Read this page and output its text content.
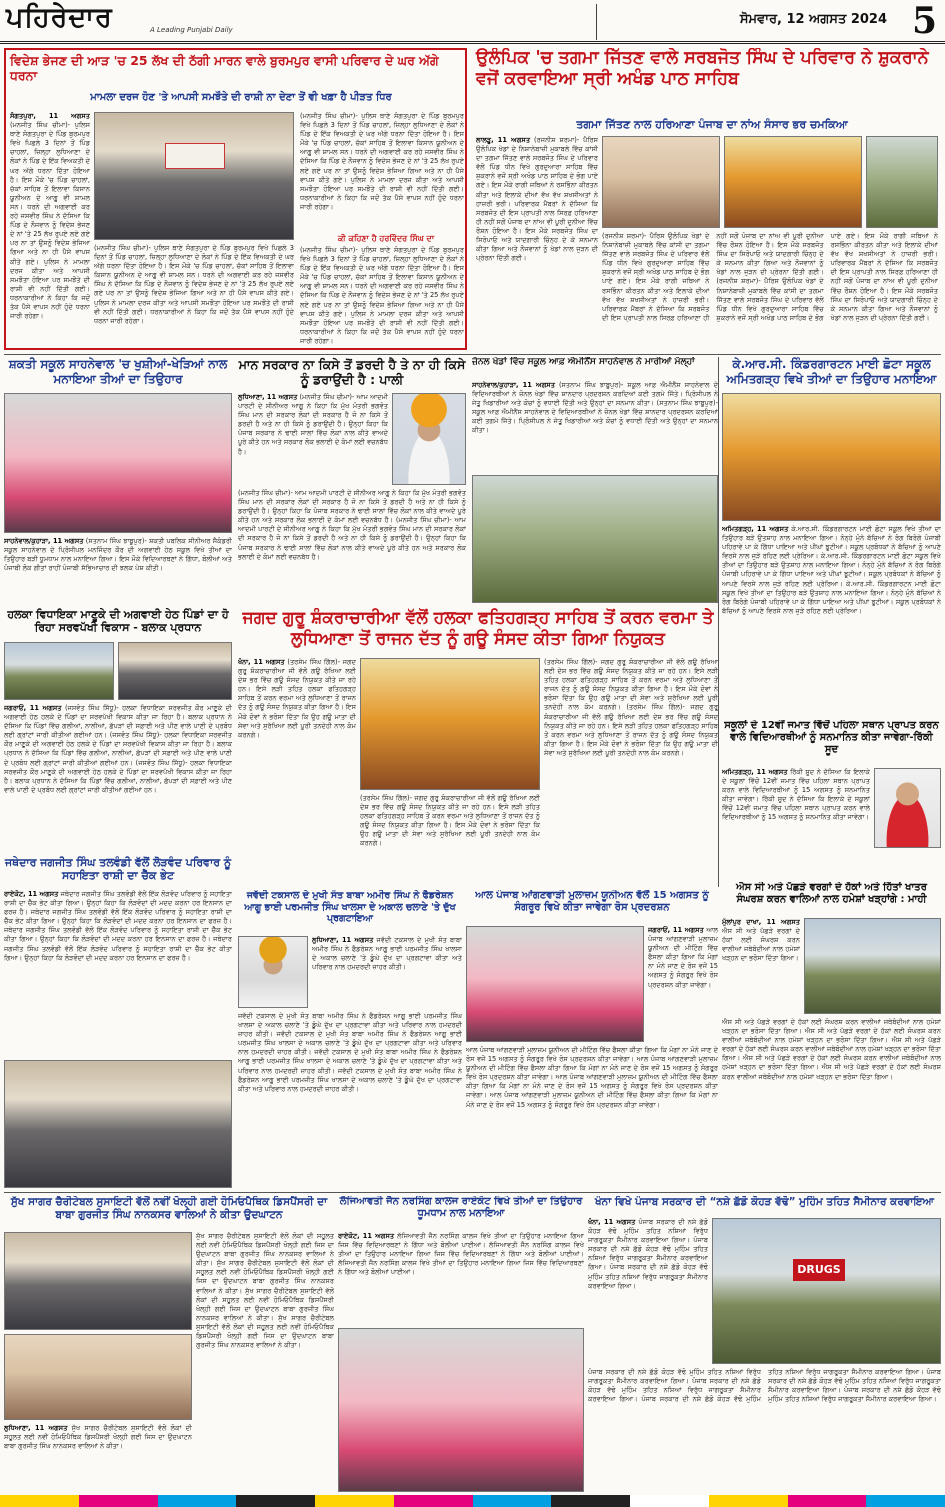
ਪਹਿਰੇਦਾਰ	A Leading Punjabi Daily
ਸੋਮਵਾਰ, 12 ਅਗਸਤ 2024 5
ਵਿਦੇਸ਼ ਭੇਜਣ ਦੀ ਆੜ 'ਚ 25 ਲੱਖ ਦੀ ਠੱਗੀ ਮਾਰਨ ਵਾਲੇ ਬੁਰਮਪੁਰ ਵਾਸੀ ਪਰਿਵਾਰ ਦੇ ਘਰ ਅੱਗੇ ਧਰਨਾ
ਮਾਮਲਾ ਦਰਜ ਹੋਣ 'ਤੇ ਆਪਸੀ ਸਮਝੌਤੇ ਦੀ ਰਾਸ਼ੀ ਨਾ ਦੇਣਾ ਤੋਂ ਵੀ ਖਫ਼ਾ ਹੈ ਪੀੜਤ ਧਿਰ
ਸੰਗਤਪੁਰਾ, 11 ਅਗਸਤ (ਮਨਜੀਤ ਸਿੰਘ ਚੀਮਾ)- ਪੁਲਿਸ ਥਾਣੇ ਸੰਗਤਪੁਰਾ ਦੇ ਪਿੰਡ ਬੁਰਮਪੁਰ ਵਿਖੇ ਪਿਛਲੇ 3 ਦਿਨਾਂ ਤੋਂ ਪਿੰਡ ਚਾਹਲਾਂ, ਜ਼ਿਲ੍ਹਾ ਲੁਧਿਆਣਾ ਦੇ ਲੋਕਾਂ ਨੇ ਪਿੰਡ ਦੇ ਇੱਕ ਵਿਅਕਤੀ ਦੇ ਘਰ ਅੱਗੇ ਧਰਨਾ ਦਿੱਤਾ ਹੋਇਆ ਹੈ। ਇਸ ਮੌਕੇ 'ਚ ਪਿੰਡ ਚਾਹਲਾਂ, ਚੱਕਾਂ ਸਾਹਿਬ ਤੋਂ ਇਲਾਵਾ ਕਿਸਾਨ ਯੂਨੀਅਨ ਦੇ ਆਗੂ ਵੀ ਸ਼ਾਮਲ ਸਨ। ਧਰਨੇ ਦੀ ਅਗਵਾਈ ਕਰ ਰਹੇ ਜਸਵੀਰ ਸਿੰਘ ਨੇ ਦੱਸਿਆ ਕਿ ਪਿੰਡ ਦੇ ਨੌਜਵਾਨ ਨੂੰ ਵਿਦੇਸ਼ ਭੇਜਣ ਦੇ ਨਾਂ 'ਤੇ 25 ਲੱਖ ਰੁਪਏ ਲਏ ਗਏ ਪਰ ਨਾ ਤਾਂ ਉਸਨੂੰ ਵਿਦੇਸ਼ ਭੇਜਿਆ ਗਿਆ ਅਤੇ ਨਾ ਹੀ ਪੈਸੇ ਵਾਪਸ ਕੀਤੇ ਗਏ। ਪੁਲਿਸ ਨੇ ਮਾਮਲਾ ਦਰਜ ਕੀਤਾ ਅਤੇ ਆਪਸੀ ਸਮਝੌਤਾ ਹੋਇਆ ਪਰ ਸਮਝੌਤੇ ਦੀ ਰਾਸ਼ੀ ਵੀ ਨਹੀਂ ਦਿੱਤੀ ਗਈ। ਧਰਨਾਕਾਰੀਆਂ ਨੇ ਕਿਹਾ ਕਿ ਜਦੋਂ ਤੱਕ ਪੈਸੇ ਵਾਪਸ ਨਹੀਂ ਹੁੰਦੇ ਧਰਨਾ ਜਾਰੀ ਰਹੇਗਾ।
(ਮਨਜੀਤ ਸਿੰਘ ਚੀਮਾ)- ਪੁਲਿਸ ਥਾਣੇ ਸੰਗਤਪੁਰਾ ਦੇ ਪਿੰਡ ਬੁਰਮਪੁਰ ਵਿਖੇ ਪਿਛਲੇ 3 ਦਿਨਾਂ ਤੋਂ ਪਿੰਡ ਚਾਹਲਾਂ, ਜ਼ਿਲ੍ਹਾ ਲੁਧਿਆਣਾ ਦੇ ਲੋਕਾਂ ਨੇ ਪਿੰਡ ਦੇ ਇੱਕ ਵਿਅਕਤੀ ਦੇ ਘਰ ਅੱਗੇ ਧਰਨਾ ਦਿੱਤਾ ਹੋਇਆ ਹੈ। ਇਸ ਮੌਕੇ 'ਚ ਪਿੰਡ ਚਾਹਲਾਂ, ਚੱਕਾਂ ਸਾਹਿਬ ਤੋਂ ਇਲਾਵਾ ਕਿਸਾਨ ਯੂਨੀਅਨ ਦੇ ਆਗੂ ਵੀ ਸ਼ਾਮਲ ਸਨ। ਧਰਨੇ ਦੀ ਅਗਵਾਈ ਕਰ ਰਹੇ ਜਸਵੀਰ ਸਿੰਘ ਨੇ ਦੱਸਿਆ ਕਿ ਪਿੰਡ ਦੇ ਨੌਜਵਾਨ ਨੂੰ ਵਿਦੇਸ਼ ਭੇਜਣ ਦੇ ਨਾਂ 'ਤੇ 25 ਲੱਖ ਰੁਪਏ ਲਏ ਗਏ ਪਰ ਨਾ ਤਾਂ ਉਸਨੂੰ ਵਿਦੇਸ਼ ਭੇਜਿਆ ਗਿਆ ਅਤੇ ਨਾ ਹੀ ਪੈਸੇ ਵਾਪਸ ਕੀਤੇ ਗਏ। ਪੁਲਿਸ ਨੇ ਮਾਮਲਾ ਦਰਜ ਕੀਤਾ ਅਤੇ ਆਪਸੀ ਸਮਝੌਤਾ ਹੋਇਆ ਪਰ ਸਮਝੌਤੇ ਦੀ ਰਾਸ਼ੀ ਵੀ ਨਹੀਂ ਦਿੱਤੀ ਗਈ। ਧਰਨਾਕਾਰੀਆਂ ਨੇ ਕਿਹਾ ਕਿ ਜਦੋਂ ਤੱਕ ਪੈਸੇ ਵਾਪਸ ਨਹੀਂ ਹੁੰਦੇ ਧਰਨਾ ਜਾਰੀ ਰਹੇਗਾ।
(ਮਨਜੀਤ ਸਿੰਘ ਚੀਮਾ)- ਪੁਲਿਸ ਥਾਣੇ ਸੰਗਤਪੁਰਾ ਦੇ ਪਿੰਡ ਬੁਰਮਪੁਰ ਵਿਖੇ ਪਿਛਲੇ 3 ਦਿਨਾਂ ਤੋਂ ਪਿੰਡ ਚਾਹਲਾਂ, ਜ਼ਿਲ੍ਹਾ ਲੁਧਿਆਣਾ ਦੇ ਲੋਕਾਂ ਨੇ ਪਿੰਡ ਦੇ ਇੱਕ ਵਿਅਕਤੀ ਦੇ ਘਰ ਅੱਗੇ ਧਰਨਾ ਦਿੱਤਾ ਹੋਇਆ ਹੈ। ਇਸ ਮੌਕੇ 'ਚ ਪਿੰਡ ਚਾਹਲਾਂ, ਚੱਕਾਂ ਸਾਹਿਬ ਤੋਂ ਇਲਾਵਾ ਕਿਸਾਨ ਯੂਨੀਅਨ ਦੇ ਆਗੂ ਵੀ ਸ਼ਾਮਲ ਸਨ। ਧਰਨੇ ਦੀ ਅਗਵਾਈ ਕਰ ਰਹੇ ਜਸਵੀਰ ਸਿੰਘ ਨੇ ਦੱਸਿਆ ਕਿ ਪਿੰਡ ਦੇ ਨੌਜਵਾਨ ਨੂੰ ਵਿਦੇਸ਼ ਭੇਜਣ ਦੇ ਨਾਂ 'ਤੇ 25 ਲੱਖ ਰੁਪਏ ਲਏ ਗਏ ਪਰ ਨਾ ਤਾਂ ਉਸਨੂੰ ਵਿਦੇਸ਼ ਭੇਜਿਆ ਗਿਆ ਅਤੇ ਨਾ ਹੀ ਪੈਸੇ ਵਾਪਸ ਕੀਤੇ ਗਏ। ਪੁਲਿਸ ਨੇ ਮਾਮਲਾ ਦਰਜ ਕੀਤਾ ਅਤੇ ਆਪਸੀ ਸਮਝੌਤਾ ਹੋਇਆ ਪਰ ਸਮਝੌਤੇ ਦੀ ਰਾਸ਼ੀ ਵੀ ਨਹੀਂ ਦਿੱਤੀ ਗਈ। ਧਰਨਾਕਾਰੀਆਂ ਨੇ ਕਿਹਾ ਕਿ ਜਦੋਂ ਤੱਕ ਪੈਸੇ ਵਾਪਸ ਨਹੀਂ ਹੁੰਦੇ ਧਰਨਾ ਜਾਰੀ ਰਹੇਗਾ।
ਕੀ ਕਹਿਣਾ ਹੈ ਹਰਵਿੰਦਰ ਸਿੰਘ ਦਾ
(ਮਨਜੀਤ ਸਿੰਘ ਚੀਮਾ)- ਪੁਲਿਸ ਥਾਣੇ ਸੰਗਤਪੁਰਾ ਦੇ ਪਿੰਡ ਬੁਰਮਪੁਰ ਵਿਖੇ ਪਿਛਲੇ 3 ਦਿਨਾਂ ਤੋਂ ਪਿੰਡ ਚਾਹਲਾਂ, ਜ਼ਿਲ੍ਹਾ ਲੁਧਿਆਣਾ ਦੇ ਲੋਕਾਂ ਨੇ ਪਿੰਡ ਦੇ ਇੱਕ ਵਿਅਕਤੀ ਦੇ ਘਰ ਅੱਗੇ ਧਰਨਾ ਦਿੱਤਾ ਹੋਇਆ ਹੈ। ਇਸ ਮੌਕੇ 'ਚ ਪਿੰਡ ਚਾਹਲਾਂ, ਚੱਕਾਂ ਸਾਹਿਬ ਤੋਂ ਇਲਾਵਾ ਕਿਸਾਨ ਯੂਨੀਅਨ ਦੇ ਆਗੂ ਵੀ ਸ਼ਾਮਲ ਸਨ। ਧਰਨੇ ਦੀ ਅਗਵਾਈ ਕਰ ਰਹੇ ਜਸਵੀਰ ਸਿੰਘ ਨੇ ਦੱਸਿਆ ਕਿ ਪਿੰਡ ਦੇ ਨੌਜਵਾਨ ਨੂੰ ਵਿਦੇਸ਼ ਭੇਜਣ ਦੇ ਨਾਂ 'ਤੇ 25 ਲੱਖ ਰੁਪਏ ਲਏ ਗਏ ਪਰ ਨਾ ਤਾਂ ਉਸਨੂੰ ਵਿਦੇਸ਼ ਭੇਜਿਆ ਗਿਆ ਅਤੇ ਨਾ ਹੀ ਪੈਸੇ ਵਾਪਸ ਕੀਤੇ ਗਏ। ਪੁਲਿਸ ਨੇ ਮਾਮਲਾ ਦਰਜ ਕੀਤਾ ਅਤੇ ਆਪਸੀ ਸਮਝੌਤਾ ਹੋਇਆ ਪਰ ਸਮਝੌਤੇ ਦੀ ਰਾਸ਼ੀ ਵੀ ਨਹੀਂ ਦਿੱਤੀ ਗਈ। ਧਰਨਾਕਾਰੀਆਂ ਨੇ ਕਿਹਾ ਕਿ ਜਦੋਂ ਤੱਕ ਪੈਸੇ ਵਾਪਸ ਨਹੀਂ ਹੁੰਦੇ ਧਰਨਾ ਜਾਰੀ ਰਹੇਗਾ।
ਉਲੰਪਿਕ 'ਚ ਤਗਮਾ ਜਿੱਤਣ ਵਾਲੇ ਸਰਬਜੋਤ ਸਿੰਘ ਦੇ ਪਰਿਵਾਰ ਨੇ ਸ਼ੁਕਰਾਨੇ ਵਜੋਂ ਕਰਵਾਇਆ ਸ੍ਰੀ ਅਖੰਡ ਪਾਠ ਸਾਹਿਬ
ਤਗਮਾ ਜਿੱਤਣ ਨਾਲ ਹਰਿਆਣਾ ਪੰਜਾਬ ਦਾ ਨਾਂਅ ਸੰਸਾਰ ਭਰ ਚਮਕਿਆ
ਲਾਲੜੂ, 11 ਅਗਸਤ (ਰਜਨੀਸ਼ ਸ਼ਰਮਾ)- ਪੈਰਿਸ ਉਲੰਪਿਕ ਖੇਡਾਂ ਦੇ ਨਿਸ਼ਾਨੇਬਾਜ਼ੀ ਮੁਕਾਬਲੇ ਵਿੱਚ ਕਾਂਸੀ ਦਾ ਤਗਮਾ ਜਿੱਤਣ ਵਾਲੇ ਸਰਬਜੋਤ ਸਿੰਘ ਦੇ ਪਰਿਵਾਰ ਵੱਲੋਂ ਪਿੰਡ ਧੀਨ ਵਿਖੇ ਗੁਰਦੁਆਰਾ ਸਾਹਿਬ ਵਿੱਚ ਸ਼ੁਕਰਾਨੇ ਵਜੋਂ ਸ੍ਰੀ ਅਖੰਡ ਪਾਠ ਸਾਹਿਬ ਦੇ ਭੋਗ ਪਾਏ ਗਏ। ਇਸ ਮੌਕੇ ਰਾਗੀ ਜਥਿਆਂ ਨੇ ਰਸਭਿੰਨਾ ਕੀਰਤਨ ਕੀਤਾ ਅਤੇ ਇਲਾਕੇ ਦੀਆਂ ਵੱਖ ਵੱਖ ਸ਼ਖਸੀਅਤਾਂ ਨੇ ਹਾਜ਼ਰੀ ਭਰੀ। ਪਰਿਵਾਰਕ ਮੈਂਬਰਾਂ ਨੇ ਦੱਸਿਆ ਕਿ ਸਰਬਜੋਤ ਦੀ ਇਸ ਪ੍ਰਾਪਤੀ ਨਾਲ ਸਿਰਫ਼ ਹਰਿਆਣਾ ਹੀ ਨਹੀਂ ਸਗੋਂ ਪੰਜਾਬ ਦਾ ਨਾਂਅ ਵੀ ਪੂਰੀ ਦੁਨੀਆ ਵਿੱਚ ਰੌਸ਼ਨ ਹੋਇਆ ਹੈ। ਇਸ ਮੌਕੇ ਸਰਬਜੋਤ ਸਿੰਘ ਦਾ ਸਿਰੋਪਾਓ ਅਤੇ ਯਾਦਗਾਰੀ ਚਿੰਨ੍ਹ ਦੇ ਕੇ ਸਨਮਾਨ ਕੀਤਾ ਗਿਆ ਅਤੇ ਨੌਜਵਾਨਾਂ ਨੂੰ ਖੇਡਾਂ ਨਾਲ ਜੁੜਨ ਦੀ ਪ੍ਰੇਰਨਾ ਦਿੱਤੀ ਗਈ।
(ਰਜਨੀਸ਼ ਸ਼ਰਮਾ)- ਪੈਰਿਸ ਉਲੰਪਿਕ ਖੇਡਾਂ ਦੇ ਨਿਸ਼ਾਨੇਬਾਜ਼ੀ ਮੁਕਾਬਲੇ ਵਿੱਚ ਕਾਂਸੀ ਦਾ ਤਗਮਾ ਜਿੱਤਣ ਵਾਲੇ ਸਰਬਜੋਤ ਸਿੰਘ ਦੇ ਪਰਿਵਾਰ ਵੱਲੋਂ ਪਿੰਡ ਧੀਨ ਵਿਖੇ ਗੁਰਦੁਆਰਾ ਸਾਹਿਬ ਵਿੱਚ ਸ਼ੁਕਰਾਨੇ ਵਜੋਂ ਸ੍ਰੀ ਅਖੰਡ ਪਾਠ ਸਾਹਿਬ ਦੇ ਭੋਗ ਪਾਏ ਗਏ। ਇਸ ਮੌਕੇ ਰਾਗੀ ਜਥਿਆਂ ਨੇ ਰਸਭਿੰਨਾ ਕੀਰਤਨ ਕੀਤਾ ਅਤੇ ਇਲਾਕੇ ਦੀਆਂ ਵੱਖ ਵੱਖ ਸ਼ਖਸੀਅਤਾਂ ਨੇ ਹਾਜ਼ਰੀ ਭਰੀ। ਪਰਿਵਾਰਕ ਮੈਂਬਰਾਂ ਨੇ ਦੱਸਿਆ ਕਿ ਸਰਬਜੋਤ ਦੀ ਇਸ ਪ੍ਰਾਪਤੀ ਨਾਲ ਸਿਰਫ਼ ਹਰਿਆਣਾ ਹੀ ਨਹੀਂ ਸਗੋਂ ਪੰਜਾਬ ਦਾ ਨਾਂਅ ਵੀ ਪੂਰੀ ਦੁਨੀਆ ਵਿੱਚ ਰੌਸ਼ਨ ਹੋਇਆ ਹੈ। ਇਸ ਮੌਕੇ ਸਰਬਜੋਤ ਸਿੰਘ ਦਾ ਸਿਰੋਪਾਓ ਅਤੇ ਯਾਦਗਾਰੀ ਚਿੰਨ੍ਹ ਦੇ ਕੇ ਸਨਮਾਨ ਕੀਤਾ ਗਿਆ ਅਤੇ ਨੌਜਵਾਨਾਂ ਨੂੰ ਖੇਡਾਂ ਨਾਲ ਜੁੜਨ ਦੀ ਪ੍ਰੇਰਨਾ ਦਿੱਤੀ ਗਈ। (ਰਜਨੀਸ਼ ਸ਼ਰਮਾ)- ਪੈਰਿਸ ਉਲੰਪਿਕ ਖੇਡਾਂ ਦੇ ਨਿਸ਼ਾਨੇਬਾਜ਼ੀ ਮੁਕਾਬਲੇ ਵਿੱਚ ਕਾਂਸੀ ਦਾ ਤਗਮਾ ਜਿੱਤਣ ਵਾਲੇ ਸਰਬਜੋਤ ਸਿੰਘ ਦੇ ਪਰਿਵਾਰ ਵੱਲੋਂ ਪਿੰਡ ਧੀਨ ਵਿਖੇ ਗੁਰਦੁਆਰਾ ਸਾਹਿਬ ਵਿੱਚ ਸ਼ੁਕਰਾਨੇ ਵਜੋਂ ਸ੍ਰੀ ਅਖੰਡ ਪਾਠ ਸਾਹਿਬ ਦੇ ਭੋਗ ਪਾਏ ਗਏ। ਇਸ ਮੌਕੇ ਰਾਗੀ ਜਥਿਆਂ ਨੇ ਰਸਭਿੰਨਾ ਕੀਰਤਨ ਕੀਤਾ ਅਤੇ ਇਲਾਕੇ ਦੀਆਂ ਵੱਖ ਵੱਖ ਸ਼ਖਸੀਅਤਾਂ ਨੇ ਹਾਜ਼ਰੀ ਭਰੀ। ਪਰਿਵਾਰਕ ਮੈਂਬਰਾਂ ਨੇ ਦੱਸਿਆ ਕਿ ਸਰਬਜੋਤ ਦੀ ਇਸ ਪ੍ਰਾਪਤੀ ਨਾਲ ਸਿਰਫ਼ ਹਰਿਆਣਾ ਹੀ ਨਹੀਂ ਸਗੋਂ ਪੰਜਾਬ ਦਾ ਨਾਂਅ ਵੀ ਪੂਰੀ ਦੁਨੀਆ ਵਿੱਚ ਰੌਸ਼ਨ ਹੋਇਆ ਹੈ। ਇਸ ਮੌਕੇ ਸਰਬਜੋਤ ਸਿੰਘ ਦਾ ਸਿਰੋਪਾਓ ਅਤੇ ਯਾਦਗਾਰੀ ਚਿੰਨ੍ਹ ਦੇ ਕੇ ਸਨਮਾਨ ਕੀਤਾ ਗਿਆ ਅਤੇ ਨੌਜਵਾਨਾਂ ਨੂੰ ਖੇਡਾਂ ਨਾਲ ਜੁੜਨ ਦੀ ਪ੍ਰੇਰਨਾ ਦਿੱਤੀ ਗਈ।
ਸ਼ਕਤੀ ਸਕੂਲ ਸਾਹਨੇਵਾਲ 'ਚ ਖੁਸ਼ੀਆਂ-ਖੇੜਿਆਂ ਨਾਲ ਮਨਾਇਆ ਤੀਆਂ ਦਾ ਤਿਉਹਾਰ
ਸਾਹਨੇਵਾਲ/ਕੁਹਾੜਾ, 11 ਅਗਸਤ (ਸਤਨਾਮ ਸਿੰਘ ਝਾਬੂਪੁਰ)- ਸ਼ਕਤੀ ਪਬਲਿਕ ਸੀਨੀਅਰ ਸੈਕੰਡਰੀ ਸਕੂਲ ਸਾਹਨੇਵਾਲ ਦੇ ਪ੍ਰਿੰਸੀਪਲ ਮਨਜਿੰਦਰ ਕੌਰ ਦੀ ਅਗਵਾਈ ਹੇਠ ਸਕੂਲ ਵਿਖੇ ਤੀਆਂ ਦਾ ਤਿਉਹਾਰ ਬੜੀ ਧੂਮਧਾਮ ਨਾਲ ਮਨਾਇਆ ਗਿਆ। ਇਸ ਮੌਕੇ ਵਿਦਿਆਰਥਣਾਂ ਨੇ ਗਿੱਧਾ, ਬੋਲੀਆਂ ਅਤੇ ਪੰਜਾਬੀ ਲੋਕ ਗੀਤਾਂ ਰਾਹੀਂ ਪੰਜਾਬੀ ਸੱਭਿਆਚਾਰ ਦੀ ਝਲਕ ਪੇਸ਼ ਕੀਤੀ।
ਮਾਨ ਸਰਕਾਰ ਨਾ ਕਿਸੇ ਤੋਂ ਡਰਦੀ ਹੈ ਤੇ ਨਾ ਹੀ ਕਿਸੇ ਨੂੰ ਡਰਾਉਂਦੀ ਹੈ : ਪਾਲੀ
ਲੁਧਿਆਣਾ, 11 ਅਗਸਤ (ਮਨਜੀਤ ਸਿੰਘ ਚੀਮਾ)- ਆਮ ਆਦਮੀ ਪਾਰਟੀ ਦੇ ਸੀਨੀਅਰ ਆਗੂ ਨੇ ਕਿਹਾ ਕਿ ਮੁੱਖ ਮੰਤਰੀ ਭਗਵੰਤ ਸਿੰਘ ਮਾਨ ਦੀ ਸਰਕਾਰ ਲੋਕਾਂ ਦੀ ਸਰਕਾਰ ਹੈ ਜੋ ਨਾ ਕਿਸੇ ਤੋਂ ਡਰਦੀ ਹੈ ਅਤੇ ਨਾ ਹੀ ਕਿਸੇ ਨੂੰ ਡਰਾਉਂਦੀ ਹੈ। ਉਨ੍ਹਾਂ ਕਿਹਾ ਕਿ ਪੰਜਾਬ ਸਰਕਾਰ ਨੇ ਢਾਈ ਸਾਲਾਂ ਵਿੱਚ ਲੋਕਾਂ ਨਾਲ ਕੀਤੇ ਵਾਅਦੇ ਪੂਰੇ ਕੀਤੇ ਹਨ ਅਤੇ ਸਰਕਾਰ ਲੋਕ ਭਲਾਈ ਦੇ ਕੰਮਾਂ ਲਈ ਵਚਨਬੱਧ ਹੈ।
(ਮਨਜੀਤ ਸਿੰਘ ਚੀਮਾ)- ਆਮ ਆਦਮੀ ਪਾਰਟੀ ਦੇ ਸੀਨੀਅਰ ਆਗੂ ਨੇ ਕਿਹਾ ਕਿ ਮੁੱਖ ਮੰਤਰੀ ਭਗਵੰਤ ਸਿੰਘ ਮਾਨ ਦੀ ਸਰਕਾਰ ਲੋਕਾਂ ਦੀ ਸਰਕਾਰ ਹੈ ਜੋ ਨਾ ਕਿਸੇ ਤੋਂ ਡਰਦੀ ਹੈ ਅਤੇ ਨਾ ਹੀ ਕਿਸੇ ਨੂੰ ਡਰਾਉਂਦੀ ਹੈ। ਉਨ੍ਹਾਂ ਕਿਹਾ ਕਿ ਪੰਜਾਬ ਸਰਕਾਰ ਨੇ ਢਾਈ ਸਾਲਾਂ ਵਿੱਚ ਲੋਕਾਂ ਨਾਲ ਕੀਤੇ ਵਾਅਦੇ ਪੂਰੇ ਕੀਤੇ ਹਨ ਅਤੇ ਸਰਕਾਰ ਲੋਕ ਭਲਾਈ ਦੇ ਕੰਮਾਂ ਲਈ ਵਚਨਬੱਧ ਹੈ। (ਮਨਜੀਤ ਸਿੰਘ ਚੀਮਾ)- ਆਮ ਆਦਮੀ ਪਾਰਟੀ ਦੇ ਸੀਨੀਅਰ ਆਗੂ ਨੇ ਕਿਹਾ ਕਿ ਮੁੱਖ ਮੰਤਰੀ ਭਗਵੰਤ ਸਿੰਘ ਮਾਨ ਦੀ ਸਰਕਾਰ ਲੋਕਾਂ ਦੀ ਸਰਕਾਰ ਹੈ ਜੋ ਨਾ ਕਿਸੇ ਤੋਂ ਡਰਦੀ ਹੈ ਅਤੇ ਨਾ ਹੀ ਕਿਸੇ ਨੂੰ ਡਰਾਉਂਦੀ ਹੈ। ਉਨ੍ਹਾਂ ਕਿਹਾ ਕਿ ਪੰਜਾਬ ਸਰਕਾਰ ਨੇ ਢਾਈ ਸਾਲਾਂ ਵਿੱਚ ਲੋਕਾਂ ਨਾਲ ਕੀਤੇ ਵਾਅਦੇ ਪੂਰੇ ਕੀਤੇ ਹਨ ਅਤੇ ਸਰਕਾਰ ਲੋਕ ਭਲਾਈ ਦੇ ਕੰਮਾਂ ਲਈ ਵਚਨਬੱਧ ਹੈ।
ਜ਼ੋਨਲ ਖੇਡਾਂ ਵਿੱਚ ਸਕੂਲ ਆਫ਼ ਐਮੀਨੈਂਸ ਸਾਹਨੇਵਾਲ ਨੇ ਮਾਰੀਆਂ ਮੱਲ੍ਹਾਂ
ਸਾਹਨੇਵਾਲ/ਕੁਹਾੜਾ, 11 ਅਗਸਤ (ਸਤਨਾਮ ਸਿੰਘ ਝਾਬੂਪੁਰ)- ਸਕੂਲ ਆਫ਼ ਐਮੀਨੈਂਸ ਸਾਹਨੇਵਾਲ ਦੇ ਵਿਦਿਆਰਥੀਆਂ ਨੇ ਜ਼ੋਨਲ ਖੇਡਾਂ ਵਿੱਚ ਸ਼ਾਨਦਾਰ ਪ੍ਰਦਰਸ਼ਨ ਕਰਦਿਆਂ ਕਈ ਤਗਮੇ ਜਿੱਤੇ। ਪ੍ਰਿੰਸੀਪਲ ਨੇ ਜੇਤੂ ਖਿਡਾਰੀਆਂ ਅਤੇ ਕੋਚਾਂ ਨੂੰ ਵਧਾਈ ਦਿੱਤੀ ਅਤੇ ਉਨ੍ਹਾਂ ਦਾ ਸਨਮਾਨ ਕੀਤਾ। (ਸਤਨਾਮ ਸਿੰਘ ਝਾਬੂਪੁਰ)- ਸਕੂਲ ਆਫ਼ ਐਮੀਨੈਂਸ ਸਾਹਨੇਵਾਲ ਦੇ ਵਿਦਿਆਰਥੀਆਂ ਨੇ ਜ਼ੋਨਲ ਖੇਡਾਂ ਵਿੱਚ ਸ਼ਾਨਦਾਰ ਪ੍ਰਦਰਸ਼ਨ ਕਰਦਿਆਂ ਕਈ ਤਗਮੇ ਜਿੱਤੇ। ਪ੍ਰਿੰਸੀਪਲ ਨੇ ਜੇਤੂ ਖਿਡਾਰੀਆਂ ਅਤੇ ਕੋਚਾਂ ਨੂੰ ਵਧਾਈ ਦਿੱਤੀ ਅਤੇ ਉਨ੍ਹਾਂ ਦਾ ਸਨਮਾਨ ਕੀਤਾ।
ਕੇ.ਆਰ.ਸੀ. ਕਿੰਡਰਗਾਰਟਨ ਮਾਈ ਛੋਟਾ ਸਕੂਲ ਅਮਿਤਗੜ੍ਹ ਵਿਖੇ ਤੀਆਂ ਦਾ ਤਿਉਹਾਰ ਮਨਾਇਆ
ਅਮਿਤਗੜ੍ਹ, 11 ਅਗਸਤ ਕੇ.ਆਰ.ਸੀ. ਕਿੰਡਰਗਾਰਟਨ ਮਾਈ ਛੋਟਾ ਸਕੂਲ ਵਿਖੇ ਤੀਆਂ ਦਾ ਤਿਉਹਾਰ ਬੜੇ ਉਤਸ਼ਾਹ ਨਾਲ ਮਨਾਇਆ ਗਿਆ। ਨੰਨ੍ਹੇ ਮੁੰਨੇ ਬੱਚਿਆਂ ਨੇ ਰੰਗ ਬਿਰੰਗੇ ਪੰਜਾਬੀ ਪਹਿਰਾਵੇ ਪਾ ਕੇ ਗਿੱਧਾ ਪਾਇਆ ਅਤੇ ਪੀਂਘਾਂ ਝੂਟੀਆਂ। ਸਕੂਲ ਪ੍ਰਬੰਧਕਾਂ ਨੇ ਬੱਚਿਆਂ ਨੂੰ ਆਪਣੇ ਵਿਰਸੇ ਨਾਲ ਜੁੜੇ ਰਹਿਣ ਲਈ ਪ੍ਰੇਰਿਆ। ਕੇ.ਆਰ.ਸੀ. ਕਿੰਡਰਗਾਰਟਨ ਮਾਈ ਛੋਟਾ ਸਕੂਲ ਵਿਖੇ ਤੀਆਂ ਦਾ ਤਿਉਹਾਰ ਬੜੇ ਉਤਸ਼ਾਹ ਨਾਲ ਮਨਾਇਆ ਗਿਆ। ਨੰਨ੍ਹੇ ਮੁੰਨੇ ਬੱਚਿਆਂ ਨੇ ਰੰਗ ਬਿਰੰਗੇ ਪੰਜਾਬੀ ਪਹਿਰਾਵੇ ਪਾ ਕੇ ਗਿੱਧਾ ਪਾਇਆ ਅਤੇ ਪੀਂਘਾਂ ਝੂਟੀਆਂ। ਸਕੂਲ ਪ੍ਰਬੰਧਕਾਂ ਨੇ ਬੱਚਿਆਂ ਨੂੰ ਆਪਣੇ ਵਿਰਸੇ ਨਾਲ ਜੁੜੇ ਰਹਿਣ ਲਈ ਪ੍ਰੇਰਿਆ। ਕੇ.ਆਰ.ਸੀ. ਕਿੰਡਰਗਾਰਟਨ ਮਾਈ ਛੋਟਾ ਸਕੂਲ ਵਿਖੇ ਤੀਆਂ ਦਾ ਤਿਉਹਾਰ ਬੜੇ ਉਤਸ਼ਾਹ ਨਾਲ ਮਨਾਇਆ ਗਿਆ। ਨੰਨ੍ਹੇ ਮੁੰਨੇ ਬੱਚਿਆਂ ਨੇ ਰੰਗ ਬਿਰੰਗੇ ਪੰਜਾਬੀ ਪਹਿਰਾਵੇ ਪਾ ਕੇ ਗਿੱਧਾ ਪਾਇਆ ਅਤੇ ਪੀਂਘਾਂ ਝੂਟੀਆਂ। ਸਕੂਲ ਪ੍ਰਬੰਧਕਾਂ ਨੇ ਬੱਚਿਆਂ ਨੂੰ ਆਪਣੇ ਵਿਰਸੇ ਨਾਲ ਜੁੜੇ ਰਹਿਣ ਲਈ ਪ੍ਰੇਰਿਆ।
ਹਲਕਾ ਵਿਧਾਇਕਾ ਮਾਣੂਕੇ ਦੀ ਅਗਵਾਈ ਹੇਠ ਪਿੰਡਾਂ ਦਾ ਹੋ ਰਿਹਾ ਸਰਵਪੱਖੀ ਵਿਕਾਸ - ਬਲਾਕ ਪ੍ਰਧਾਨ
ਜਗਰਾਓਂ, 11 ਅਗਸਤ (ਜਸਵੰਤ ਸਿੰਘ ਸਿੱਧੂ)- ਹਲਕਾ ਵਿਧਾਇਕਾ ਸਰਵਜੀਤ ਕੌਰ ਮਾਣੂਕੇ ਦੀ ਅਗਵਾਈ ਹੇਠ ਹਲਕੇ ਦੇ ਪਿੰਡਾਂ ਦਾ ਸਰਵਪੱਖੀ ਵਿਕਾਸ ਕੀਤਾ ਜਾ ਰਿਹਾ ਹੈ। ਬਲਾਕ ਪ੍ਰਧਾਨ ਨੇ ਦੱਸਿਆ ਕਿ ਪਿੰਡਾਂ ਵਿੱਚ ਗਲੀਆਂ, ਨਾਲੀਆਂ, ਛੱਪੜਾਂ ਦੀ ਸਫ਼ਾਈ ਅਤੇ ਪੀਣ ਵਾਲੇ ਪਾਣੀ ਦੇ ਪ੍ਰਬੰਧ ਲਈ ਗ੍ਰਾਂਟਾਂ ਜਾਰੀ ਕੀਤੀਆਂ ਗਈਆਂ ਹਨ। (ਜਸਵੰਤ ਸਿੰਘ ਸਿੱਧੂ)- ਹਲਕਾ ਵਿਧਾਇਕਾ ਸਰਵਜੀਤ ਕੌਰ ਮਾਣੂਕੇ ਦੀ ਅਗਵਾਈ ਹੇਠ ਹਲਕੇ ਦੇ ਪਿੰਡਾਂ ਦਾ ਸਰਵਪੱਖੀ ਵਿਕਾਸ ਕੀਤਾ ਜਾ ਰਿਹਾ ਹੈ। ਬਲਾਕ ਪ੍ਰਧਾਨ ਨੇ ਦੱਸਿਆ ਕਿ ਪਿੰਡਾਂ ਵਿੱਚ ਗਲੀਆਂ, ਨਾਲੀਆਂ, ਛੱਪੜਾਂ ਦੀ ਸਫ਼ਾਈ ਅਤੇ ਪੀਣ ਵਾਲੇ ਪਾਣੀ ਦੇ ਪ੍ਰਬੰਧ ਲਈ ਗ੍ਰਾਂਟਾਂ ਜਾਰੀ ਕੀਤੀਆਂ ਗਈਆਂ ਹਨ। (ਜਸਵੰਤ ਸਿੰਘ ਸਿੱਧੂ)- ਹਲਕਾ ਵਿਧਾਇਕਾ ਸਰਵਜੀਤ ਕੌਰ ਮਾਣੂਕੇ ਦੀ ਅਗਵਾਈ ਹੇਠ ਹਲਕੇ ਦੇ ਪਿੰਡਾਂ ਦਾ ਸਰਵਪੱਖੀ ਵਿਕਾਸ ਕੀਤਾ ਜਾ ਰਿਹਾ ਹੈ। ਬਲਾਕ ਪ੍ਰਧਾਨ ਨੇ ਦੱਸਿਆ ਕਿ ਪਿੰਡਾਂ ਵਿੱਚ ਗਲੀਆਂ, ਨਾਲੀਆਂ, ਛੱਪੜਾਂ ਦੀ ਸਫ਼ਾਈ ਅਤੇ ਪੀਣ ਵਾਲੇ ਪਾਣੀ ਦੇ ਪ੍ਰਬੰਧ ਲਈ ਗ੍ਰਾਂਟਾਂ ਜਾਰੀ ਕੀਤੀਆਂ ਗਈਆਂ ਹਨ।
ਜਗਦ ਗੁਰੂ ਸ਼ੰਕਰਾਚਾਰੀਆ ਵੱਲੋਂ ਹਲਕਾ ਫਤਿਹਗੜ੍ਹ ਸਾਹਿਬ ਤੋਂ ਕਰਨ ਵਰਮਾ ਤੇ ਲੁਧਿਆਣਾ ਤੋਂ ਰਾਜਨ ਦੱਤ ਨੂੰ ਗਊ ਸੰਸਦ ਕੀਤਾ ਗਿਆ ਨਿਯੁਕਤ
ਖੰਨਾ, 11 ਅਗਸਤ (ਤਰਸੇਮ ਸਿੰਘ ਗਿੱਲ)- ਜਗਦ ਗੁਰੂ ਸ਼ੰਕਰਾਚਾਰੀਆ ਜੀ ਵੱਲੋਂ ਗਊ ਰੱਖਿਆ ਲਈ ਦੇਸ਼ ਭਰ ਵਿੱਚ ਗਊ ਸੰਸਦ ਨਿਯੁਕਤ ਕੀਤੇ ਜਾ ਰਹੇ ਹਨ। ਇਸੇ ਲੜੀ ਤਹਿਤ ਹਲਕਾ ਫਤਿਹਗੜ੍ਹ ਸਾਹਿਬ ਤੋਂ ਕਰਨ ਵਰਮਾ ਅਤੇ ਲੁਧਿਆਣਾ ਤੋਂ ਰਾਜਨ ਦੱਤ ਨੂੰ ਗਊ ਸੰਸਦ ਨਿਯੁਕਤ ਕੀਤਾ ਗਿਆ ਹੈ। ਇਸ ਮੌਕੇ ਦੋਵਾਂ ਨੇ ਭਰੋਸਾ ਦਿੱਤਾ ਕਿ ਉਹ ਗਊ ਮਾਤਾ ਦੀ ਸੇਵਾ ਅਤੇ ਸੁਰੱਖਿਆ ਲਈ ਪੂਰੀ ਤਨਦੇਹੀ ਨਾਲ ਕੰਮ ਕਰਨਗੇ।
(ਤਰਸੇਮ ਸਿੰਘ ਗਿੱਲ)- ਜਗਦ ਗੁਰੂ ਸ਼ੰਕਰਾਚਾਰੀਆ ਜੀ ਵੱਲੋਂ ਗਊ ਰੱਖਿਆ ਲਈ ਦੇਸ਼ ਭਰ ਵਿੱਚ ਗਊ ਸੰਸਦ ਨਿਯੁਕਤ ਕੀਤੇ ਜਾ ਰਹੇ ਹਨ। ਇਸੇ ਲੜੀ ਤਹਿਤ ਹਲਕਾ ਫਤਿਹਗੜ੍ਹ ਸਾਹਿਬ ਤੋਂ ਕਰਨ ਵਰਮਾ ਅਤੇ ਲੁਧਿਆਣਾ ਤੋਂ ਰਾਜਨ ਦੱਤ ਨੂੰ ਗਊ ਸੰਸਦ ਨਿਯੁਕਤ ਕੀਤਾ ਗਿਆ ਹੈ। ਇਸ ਮੌਕੇ ਦੋਵਾਂ ਨੇ ਭਰੋਸਾ ਦਿੱਤਾ ਕਿ ਉਹ ਗਊ ਮਾਤਾ ਦੀ ਸੇਵਾ ਅਤੇ ਸੁਰੱਖਿਆ ਲਈ ਪੂਰੀ ਤਨਦੇਹੀ ਨਾਲ ਕੰਮ ਕਰਨਗੇ।
(ਤਰਸੇਮ ਸਿੰਘ ਗਿੱਲ)- ਜਗਦ ਗੁਰੂ ਸ਼ੰਕਰਾਚਾਰੀਆ ਜੀ ਵੱਲੋਂ ਗਊ ਰੱਖਿਆ ਲਈ ਦੇਸ਼ ਭਰ ਵਿੱਚ ਗਊ ਸੰਸਦ ਨਿਯੁਕਤ ਕੀਤੇ ਜਾ ਰਹੇ ਹਨ। ਇਸੇ ਲੜੀ ਤਹਿਤ ਹਲਕਾ ਫਤਿਹਗੜ੍ਹ ਸਾਹਿਬ ਤੋਂ ਕਰਨ ਵਰਮਾ ਅਤੇ ਲੁਧਿਆਣਾ ਤੋਂ ਰਾਜਨ ਦੱਤ ਨੂੰ ਗਊ ਸੰਸਦ ਨਿਯੁਕਤ ਕੀਤਾ ਗਿਆ ਹੈ। ਇਸ ਮੌਕੇ ਦੋਵਾਂ ਨੇ ਭਰੋਸਾ ਦਿੱਤਾ ਕਿ ਉਹ ਗਊ ਮਾਤਾ ਦੀ ਸੇਵਾ ਅਤੇ ਸੁਰੱਖਿਆ ਲਈ ਪੂਰੀ ਤਨਦੇਹੀ ਨਾਲ ਕੰਮ ਕਰਨਗੇ। (ਤਰਸੇਮ ਸਿੰਘ ਗਿੱਲ)- ਜਗਦ ਗੁਰੂ ਸ਼ੰਕਰਾਚਾਰੀਆ ਜੀ ਵੱਲੋਂ ਗਊ ਰੱਖਿਆ ਲਈ ਦੇਸ਼ ਭਰ ਵਿੱਚ ਗਊ ਸੰਸਦ ਨਿਯੁਕਤ ਕੀਤੇ ਜਾ ਰਹੇ ਹਨ। ਇਸੇ ਲੜੀ ਤਹਿਤ ਹਲਕਾ ਫਤਿਹਗੜ੍ਹ ਸਾਹਿਬ ਤੋਂ ਕਰਨ ਵਰਮਾ ਅਤੇ ਲੁਧਿਆਣਾ ਤੋਂ ਰਾਜਨ ਦੱਤ ਨੂੰ ਗਊ ਸੰਸਦ ਨਿਯੁਕਤ ਕੀਤਾ ਗਿਆ ਹੈ। ਇਸ ਮੌਕੇ ਦੋਵਾਂ ਨੇ ਭਰੋਸਾ ਦਿੱਤਾ ਕਿ ਉਹ ਗਊ ਮਾਤਾ ਦੀ ਸੇਵਾ ਅਤੇ ਸੁਰੱਖਿਆ ਲਈ ਪੂਰੀ ਤਨਦੇਹੀ ਨਾਲ ਕੰਮ ਕਰਨਗੇ।
ਸਕੂਲਾਂ ਦੇ 12ਵੀਂ ਜਮਾਤ ਵਿੱਚੋਂ ਪਹਿਲਾ ਸਥਾਨ ਪ੍ਰਾਪਤ ਕਰਨ ਵਾਲੇ ਵਿਦਿਆਰਥੀਆਂ ਨੂੰ ਸਨਮਾਨਿਤ ਕੀਤਾ ਜਾਵੇਗਾ-ਰਿੱਕੀ ਸੂਦ
ਅਮਿਤਗੜ੍ਹ, 11 ਅਗਸਤ ਰਿੱਕੀ ਸੂਦ ਨੇ ਦੱਸਿਆ ਕਿ ਇਲਾਕੇ ਦੇ ਸਕੂਲਾਂ ਵਿੱਚੋਂ 12ਵੀਂ ਜਮਾਤ ਵਿੱਚ ਪਹਿਲਾ ਸਥਾਨ ਪ੍ਰਾਪਤ ਕਰਨ ਵਾਲੇ ਵਿਦਿਆਰਥੀਆਂ ਨੂੰ 15 ਅਗਸਤ ਨੂੰ ਸਨਮਾਨਿਤ ਕੀਤਾ ਜਾਵੇਗਾ। ਰਿੱਕੀ ਸੂਦ ਨੇ ਦੱਸਿਆ ਕਿ ਇਲਾਕੇ ਦੇ ਸਕੂਲਾਂ ਵਿੱਚੋਂ 12ਵੀਂ ਜਮਾਤ ਵਿੱਚ ਪਹਿਲਾ ਸਥਾਨ ਪ੍ਰਾਪਤ ਕਰਨ ਵਾਲੇ ਵਿਦਿਆਰਥੀਆਂ ਨੂੰ 15 ਅਗਸਤ ਨੂੰ ਸਨਮਾਨਿਤ ਕੀਤਾ ਜਾਵੇਗਾ।
ਜਥੇਦਾਰ ਜਗਜੀਤ ਸਿੰਘ ਤਲਵੰਡੀ ਵੱਲੋਂ ਲੋੜਵੰਦ ਪਰਿਵਾਰ ਨੂੰ ਸਹਾਇਤਾ ਰਾਸ਼ੀ ਦਾ ਚੈੱਕ ਭੇਟ
ਰਾਏਕੋਟ, 11 ਅਗਸਤ ਜਥੇਦਾਰ ਜਗਜੀਤ ਸਿੰਘ ਤਲਵੰਡੀ ਵੱਲੋਂ ਇੱਕ ਲੋੜਵੰਦ ਪਰਿਵਾਰ ਨੂੰ ਸਹਾਇਤਾ ਰਾਸ਼ੀ ਦਾ ਚੈੱਕ ਭੇਟ ਕੀਤਾ ਗਿਆ। ਉਨ੍ਹਾਂ ਕਿਹਾ ਕਿ ਲੋੜਵੰਦਾਂ ਦੀ ਮਦਦ ਕਰਨਾ ਹਰ ਇਨਸਾਨ ਦਾ ਫਰਜ਼ ਹੈ। ਜਥੇਦਾਰ ਜਗਜੀਤ ਸਿੰਘ ਤਲਵੰਡੀ ਵੱਲੋਂ ਇੱਕ ਲੋੜਵੰਦ ਪਰਿਵਾਰ ਨੂੰ ਸਹਾਇਤਾ ਰਾਸ਼ੀ ਦਾ ਚੈੱਕ ਭੇਟ ਕੀਤਾ ਗਿਆ। ਉਨ੍ਹਾਂ ਕਿਹਾ ਕਿ ਲੋੜਵੰਦਾਂ ਦੀ ਮਦਦ ਕਰਨਾ ਹਰ ਇਨਸਾਨ ਦਾ ਫਰਜ਼ ਹੈ। ਜਥੇਦਾਰ ਜਗਜੀਤ ਸਿੰਘ ਤਲਵੰਡੀ ਵੱਲੋਂ ਇੱਕ ਲੋੜਵੰਦ ਪਰਿਵਾਰ ਨੂੰ ਸਹਾਇਤਾ ਰਾਸ਼ੀ ਦਾ ਚੈੱਕ ਭੇਟ ਕੀਤਾ ਗਿਆ। ਉਨ੍ਹਾਂ ਕਿਹਾ ਕਿ ਲੋੜਵੰਦਾਂ ਦੀ ਮਦਦ ਕਰਨਾ ਹਰ ਇਨਸਾਨ ਦਾ ਫਰਜ਼ ਹੈ। ਜਥੇਦਾਰ ਜਗਜੀਤ ਸਿੰਘ ਤਲਵੰਡੀ ਵੱਲੋਂ ਇੱਕ ਲੋੜਵੰਦ ਪਰਿਵਾਰ ਨੂੰ ਸਹਾਇਤਾ ਰਾਸ਼ੀ ਦਾ ਚੈੱਕ ਭੇਟ ਕੀਤਾ ਗਿਆ। ਉਨ੍ਹਾਂ ਕਿਹਾ ਕਿ ਲੋੜਵੰਦਾਂ ਦੀ ਮਦਦ ਕਰਨਾ ਹਰ ਇਨਸਾਨ ਦਾ ਫਰਜ਼ ਹੈ।
ਜਵੱਦੀ ਟਕਸਾਲ ਦੇ ਮੁਖੀ ਸੰਤ ਬਾਬਾ ਅਮੀਰ ਸਿੰਘ ਨੇ ਫੈਡਰੇਸ਼ਨ ਆਗੂ ਭਾਈ ਪਰਮਜੀਤ ਸਿੰਘ ਖਾਲਸਾ ਦੇ ਅਕਾਲ ਚਲਾਣੇ 'ਤੇ ਦੁੱਖ ਪ੍ਰਗਟਾਇਆ
ਲੁਧਿਆਣਾ, 11 ਅਗਸਤ ਜਵੱਦੀ ਟਕਸਾਲ ਦੇ ਮੁਖੀ ਸੰਤ ਬਾਬਾ ਅਮੀਰ ਸਿੰਘ ਨੇ ਫੈਡਰੇਸ਼ਨ ਆਗੂ ਭਾਈ ਪਰਮਜੀਤ ਸਿੰਘ ਖਾਲਸਾ ਦੇ ਅਕਾਲ ਚਲਾਣੇ 'ਤੇ ਡੂੰਘੇ ਦੁੱਖ ਦਾ ਪ੍ਰਗਟਾਵਾ ਕੀਤਾ ਅਤੇ ਪਰਿਵਾਰ ਨਾਲ ਹਮਦਰਦੀ ਜ਼ਾਹਰ ਕੀਤੀ।
ਜਵੱਦੀ ਟਕਸਾਲ ਦੇ ਮੁਖੀ ਸੰਤ ਬਾਬਾ ਅਮੀਰ ਸਿੰਘ ਨੇ ਫੈਡਰੇਸ਼ਨ ਆਗੂ ਭਾਈ ਪਰਮਜੀਤ ਸਿੰਘ ਖਾਲਸਾ ਦੇ ਅਕਾਲ ਚਲਾਣੇ 'ਤੇ ਡੂੰਘੇ ਦੁੱਖ ਦਾ ਪ੍ਰਗਟਾਵਾ ਕੀਤਾ ਅਤੇ ਪਰਿਵਾਰ ਨਾਲ ਹਮਦਰਦੀ ਜ਼ਾਹਰ ਕੀਤੀ। ਜਵੱਦੀ ਟਕਸਾਲ ਦੇ ਮੁਖੀ ਸੰਤ ਬਾਬਾ ਅਮੀਰ ਸਿੰਘ ਨੇ ਫੈਡਰੇਸ਼ਨ ਆਗੂ ਭਾਈ ਪਰਮਜੀਤ ਸਿੰਘ ਖਾਲਸਾ ਦੇ ਅਕਾਲ ਚਲਾਣੇ 'ਤੇ ਡੂੰਘੇ ਦੁੱਖ ਦਾ ਪ੍ਰਗਟਾਵਾ ਕੀਤਾ ਅਤੇ ਪਰਿਵਾਰ ਨਾਲ ਹਮਦਰਦੀ ਜ਼ਾਹਰ ਕੀਤੀ। ਜਵੱਦੀ ਟਕਸਾਲ ਦੇ ਮੁਖੀ ਸੰਤ ਬਾਬਾ ਅਮੀਰ ਸਿੰਘ ਨੇ ਫੈਡਰੇਸ਼ਨ ਆਗੂ ਭਾਈ ਪਰਮਜੀਤ ਸਿੰਘ ਖਾਲਸਾ ਦੇ ਅਕਾਲ ਚਲਾਣੇ 'ਤੇ ਡੂੰਘੇ ਦੁੱਖ ਦਾ ਪ੍ਰਗਟਾਵਾ ਕੀਤਾ ਅਤੇ ਪਰਿਵਾਰ ਨਾਲ ਹਮਦਰਦੀ ਜ਼ਾਹਰ ਕੀਤੀ। ਜਵੱਦੀ ਟਕਸਾਲ ਦੇ ਮੁਖੀ ਸੰਤ ਬਾਬਾ ਅਮੀਰ ਸਿੰਘ ਨੇ ਫੈਡਰੇਸ਼ਨ ਆਗੂ ਭਾਈ ਪਰਮਜੀਤ ਸਿੰਘ ਖਾਲਸਾ ਦੇ ਅਕਾਲ ਚਲਾਣੇ 'ਤੇ ਡੂੰਘੇ ਦੁੱਖ ਦਾ ਪ੍ਰਗਟਾਵਾ ਕੀਤਾ ਅਤੇ ਪਰਿਵਾਰ ਨਾਲ ਹਮਦਰਦੀ ਜ਼ਾਹਰ ਕੀਤੀ।
ਆਲ ਪੰਜਾਬ ਆਂਗਣਵਾੜੀ ਮੁਲਾਜ਼ਮ ਯੂਨੀਅਨ ਵੱਲੋਂ 15 ਅਗਸਤ ਨੂੰ ਸੰਗਰੂਰ ਵਿਖੇ ਕੀਤਾ ਜਾਵੇਗਾ ਰੋਸ ਪ੍ਰਦਰਸ਼ਨ
ਜਗਰਾਓਂ, 11 ਅਗਸਤ ਆਲ ਪੰਜਾਬ ਆਂਗਣਵਾੜੀ ਮੁਲਾਜ਼ਮ ਯੂਨੀਅਨ ਦੀ ਮੀਟਿੰਗ ਵਿੱਚ ਫੈਸਲਾ ਕੀਤਾ ਗਿਆ ਕਿ ਮੰਗਾਂ ਨਾ ਮੰਨੇ ਜਾਣ ਦੇ ਰੋਸ ਵਜੋਂ 15 ਅਗਸਤ ਨੂੰ ਸੰਗਰੂਰ ਵਿਖੇ ਰੋਸ ਪ੍ਰਦਰਸ਼ਨ ਕੀਤਾ ਜਾਵੇਗਾ।
ਆਲ ਪੰਜਾਬ ਆਂਗਣਵਾੜੀ ਮੁਲਾਜ਼ਮ ਯੂਨੀਅਨ ਦੀ ਮੀਟਿੰਗ ਵਿੱਚ ਫੈਸਲਾ ਕੀਤਾ ਗਿਆ ਕਿ ਮੰਗਾਂ ਨਾ ਮੰਨੇ ਜਾਣ ਦੇ ਰੋਸ ਵਜੋਂ 15 ਅਗਸਤ ਨੂੰ ਸੰਗਰੂਰ ਵਿਖੇ ਰੋਸ ਪ੍ਰਦਰਸ਼ਨ ਕੀਤਾ ਜਾਵੇਗਾ। ਆਲ ਪੰਜਾਬ ਆਂਗਣਵਾੜੀ ਮੁਲਾਜ਼ਮ ਯੂਨੀਅਨ ਦੀ ਮੀਟਿੰਗ ਵਿੱਚ ਫੈਸਲਾ ਕੀਤਾ ਗਿਆ ਕਿ ਮੰਗਾਂ ਨਾ ਮੰਨੇ ਜਾਣ ਦੇ ਰੋਸ ਵਜੋਂ 15 ਅਗਸਤ ਨੂੰ ਸੰਗਰੂਰ ਵਿਖੇ ਰੋਸ ਪ੍ਰਦਰਸ਼ਨ ਕੀਤਾ ਜਾਵੇਗਾ। ਆਲ ਪੰਜਾਬ ਆਂਗਣਵਾੜੀ ਮੁਲਾਜ਼ਮ ਯੂਨੀਅਨ ਦੀ ਮੀਟਿੰਗ ਵਿੱਚ ਫੈਸਲਾ ਕੀਤਾ ਗਿਆ ਕਿ ਮੰਗਾਂ ਨਾ ਮੰਨੇ ਜਾਣ ਦੇ ਰੋਸ ਵਜੋਂ 15 ਅਗਸਤ ਨੂੰ ਸੰਗਰੂਰ ਵਿਖੇ ਰੋਸ ਪ੍ਰਦਰਸ਼ਨ ਕੀਤਾ ਜਾਵੇਗਾ। ਆਲ ਪੰਜਾਬ ਆਂਗਣਵਾੜੀ ਮੁਲਾਜ਼ਮ ਯੂਨੀਅਨ ਦੀ ਮੀਟਿੰਗ ਵਿੱਚ ਫੈਸਲਾ ਕੀਤਾ ਗਿਆ ਕਿ ਮੰਗਾਂ ਨਾ ਮੰਨੇ ਜਾਣ ਦੇ ਰੋਸ ਵਜੋਂ 15 ਅਗਸਤ ਨੂੰ ਸੰਗਰੂਰ ਵਿਖੇ ਰੋਸ ਪ੍ਰਦਰਸ਼ਨ ਕੀਤਾ ਜਾਵੇਗਾ।
ਐਸ ਸੀ ਅਤੇ ਪੱਛੜੇ ਵਰਗਾਂ ਦੇ ਹੱਕਾਂ ਅਤੇ ਹਿੱਤਾਂ ਖਾਤਰ ਸੰਘਰਸ਼ ਕਰਨ ਵਾਲਿਆਂ ਨਾਲ ਹਮੇਸ਼ਾਂ ਖੜ੍ਹਾਂਗੇ : ਮਾਹੀ
ਮੁੱਲਾਂਪੁਰ ਦਾਖਾ, 11 ਅਗਸਤ ਐਸ ਸੀ ਅਤੇ ਪੱਛੜੇ ਵਰਗਾਂ ਦੇ ਹੱਕਾਂ ਲਈ ਸੰਘਰਸ਼ ਕਰਨ ਵਾਲੀਆਂ ਜਥੇਬੰਦੀਆਂ ਨਾਲ ਹਮੇਸ਼ਾਂ ਖੜ੍ਹਨ ਦਾ ਭਰੋਸਾ ਦਿੱਤਾ ਗਿਆ।
ਐਸ ਸੀ ਅਤੇ ਪੱਛੜੇ ਵਰਗਾਂ ਦੇ ਹੱਕਾਂ ਲਈ ਸੰਘਰਸ਼ ਕਰਨ ਵਾਲੀਆਂ ਜਥੇਬੰਦੀਆਂ ਨਾਲ ਹਮੇਸ਼ਾਂ ਖੜ੍ਹਨ ਦਾ ਭਰੋਸਾ ਦਿੱਤਾ ਗਿਆ। ਐਸ ਸੀ ਅਤੇ ਪੱਛੜੇ ਵਰਗਾਂ ਦੇ ਹੱਕਾਂ ਲਈ ਸੰਘਰਸ਼ ਕਰਨ ਵਾਲੀਆਂ ਜਥੇਬੰਦੀਆਂ ਨਾਲ ਹਮੇਸ਼ਾਂ ਖੜ੍ਹਨ ਦਾ ਭਰੋਸਾ ਦਿੱਤਾ ਗਿਆ। ਐਸ ਸੀ ਅਤੇ ਪੱਛੜੇ ਵਰਗਾਂ ਦੇ ਹੱਕਾਂ ਲਈ ਸੰਘਰਸ਼ ਕਰਨ ਵਾਲੀਆਂ ਜਥੇਬੰਦੀਆਂ ਨਾਲ ਹਮੇਸ਼ਾਂ ਖੜ੍ਹਨ ਦਾ ਭਰੋਸਾ ਦਿੱਤਾ ਗਿਆ। ਐਸ ਸੀ ਅਤੇ ਪੱਛੜੇ ਵਰਗਾਂ ਦੇ ਹੱਕਾਂ ਲਈ ਸੰਘਰਸ਼ ਕਰਨ ਵਾਲੀਆਂ ਜਥੇਬੰਦੀਆਂ ਨਾਲ ਹਮੇਸ਼ਾਂ ਖੜ੍ਹਨ ਦਾ ਭਰੋਸਾ ਦਿੱਤਾ ਗਿਆ। ਐਸ ਸੀ ਅਤੇ ਪੱਛੜੇ ਵਰਗਾਂ ਦੇ ਹੱਕਾਂ ਲਈ ਸੰਘਰਸ਼ ਕਰਨ ਵਾਲੀਆਂ ਜਥੇਬੰਦੀਆਂ ਨਾਲ ਹਮੇਸ਼ਾਂ ਖੜ੍ਹਨ ਦਾ ਭਰੋਸਾ ਦਿੱਤਾ ਗਿਆ।
ਸੁੱਖ ਸਾਗਰ ਚੈਰੀਟੇਬਲ ਸੁਸਾਇਟੀ ਵੱਲੋਂ ਨਵੀਂ ਖੋਲ੍ਹੀ ਗਈ ਹੋਮਿਓਪੈਥਿਕ ਡਿਸਪੈਂਸਰੀ ਦਾ ਬਾਬਾ ਗੁਰਜੀਤ ਸਿੰਘ ਨਾਨਕਸਰ ਵਾਲਿਆਂ ਨੇ ਕੀਤਾ ਉਦਘਾਟਨ
ਸੁੱਖ ਸਾਗਰ ਚੈਰੀਟੇਬਲ ਸੁਸਾਇਟੀ ਵੱਲੋਂ ਲੋਕਾਂ ਦੀ ਸਹੂਲਤ ਲਈ ਨਵੀਂ ਹੋਮਿਓਪੈਥਿਕ ਡਿਸਪੈਂਸਰੀ ਖੋਲ੍ਹੀ ਗਈ ਜਿਸ ਦਾ ਉਦਘਾਟਨ ਬਾਬਾ ਗੁਰਜੀਤ ਸਿੰਘ ਨਾਨਕਸਰ ਵਾਲਿਆਂ ਨੇ ਕੀਤਾ। ਸੁੱਖ ਸਾਗਰ ਚੈਰੀਟੇਬਲ ਸੁਸਾਇਟੀ ਵੱਲੋਂ ਲੋਕਾਂ ਦੀ ਸਹੂਲਤ ਲਈ ਨਵੀਂ ਹੋਮਿਓਪੈਥਿਕ ਡਿਸਪੈਂਸਰੀ ਖੋਲ੍ਹੀ ਗਈ ਜਿਸ ਦਾ ਉਦਘਾਟਨ ਬਾਬਾ ਗੁਰਜੀਤ ਸਿੰਘ ਨਾਨਕਸਰ ਵਾਲਿਆਂ ਨੇ ਕੀਤਾ। ਸੁੱਖ ਸਾਗਰ ਚੈਰੀਟੇਬਲ ਸੁਸਾਇਟੀ ਵੱਲੋਂ ਲੋਕਾਂ ਦੀ ਸਹੂਲਤ ਲਈ ਨਵੀਂ ਹੋਮਿਓਪੈਥਿਕ ਡਿਸਪੈਂਸਰੀ ਖੋਲ੍ਹੀ ਗਈ ਜਿਸ ਦਾ ਉਦਘਾਟਨ ਬਾਬਾ ਗੁਰਜੀਤ ਸਿੰਘ ਨਾਨਕਸਰ ਵਾਲਿਆਂ ਨੇ ਕੀਤਾ। ਸੁੱਖ ਸਾਗਰ ਚੈਰੀਟੇਬਲ ਸੁਸਾਇਟੀ ਵੱਲੋਂ ਲੋਕਾਂ ਦੀ ਸਹੂਲਤ ਲਈ ਨਵੀਂ ਹੋਮਿਓਪੈਥਿਕ ਡਿਸਪੈਂਸਰੀ ਖੋਲ੍ਹੀ ਗਈ ਜਿਸ ਦਾ ਉਦਘਾਟਨ ਬਾਬਾ ਗੁਰਜੀਤ ਸਿੰਘ ਨਾਨਕਸਰ ਵਾਲਿਆਂ ਨੇ ਕੀਤਾ।
ਲੁਧਿਆਣਾ, 11 ਅਗਸਤ ਸੁੱਖ ਸਾਗਰ ਚੈਰੀਟੇਬਲ ਸੁਸਾਇਟੀ ਵੱਲੋਂ ਲੋਕਾਂ ਦੀ ਸਹੂਲਤ ਲਈ ਨਵੀਂ ਹੋਮਿਓਪੈਥਿਕ ਡਿਸਪੈਂਸਰੀ ਖੋਲ੍ਹੀ ਗਈ ਜਿਸ ਦਾ ਉਦਘਾਟਨ ਬਾਬਾ ਗੁਰਜੀਤ ਸਿੰਘ ਨਾਨਕਸਰ ਵਾਲਿਆਂ ਨੇ ਕੀਤਾ।
ਲੱਜਿਆਵਤੀ ਜੈਨ ਨਰਸਿੰਗ ਕਾਲਜ ਰਾਏਕੋਟ ਵਿਖੇ ਤੀਆਂ ਦਾ ਤਿਉਹਾਰ ਧੂਮਧਾਮ ਨਾਲ ਮਨਾਇਆ
ਰਾਏਕੋਟ, 11 ਅਗਸਤ ਲੱਜਿਆਵਤੀ ਜੈਨ ਨਰਸਿੰਗ ਕਾਲਜ ਵਿਖੇ ਤੀਆਂ ਦਾ ਤਿਉਹਾਰ ਮਨਾਇਆ ਗਿਆ ਜਿਸ ਵਿੱਚ ਵਿਦਿਆਰਥਣਾਂ ਨੇ ਗਿੱਧਾ ਅਤੇ ਬੋਲੀਆਂ ਪਾਈਆਂ। ਲੱਜਿਆਵਤੀ ਜੈਨ ਨਰਸਿੰਗ ਕਾਲਜ ਵਿਖੇ ਤੀਆਂ ਦਾ ਤਿਉਹਾਰ ਮਨਾਇਆ ਗਿਆ ਜਿਸ ਵਿੱਚ ਵਿਦਿਆਰਥਣਾਂ ਨੇ ਗਿੱਧਾ ਅਤੇ ਬੋਲੀਆਂ ਪਾਈਆਂ। ਲੱਜਿਆਵਤੀ ਜੈਨ ਨਰਸਿੰਗ ਕਾਲਜ ਵਿਖੇ ਤੀਆਂ ਦਾ ਤਿਉਹਾਰ ਮਨਾਇਆ ਗਿਆ ਜਿਸ ਵਿੱਚ ਵਿਦਿਆਰਥਣਾਂ ਨੇ ਗਿੱਧਾ ਅਤੇ ਬੋਲੀਆਂ ਪਾਈਆਂ।
ਖੰਨਾ ਵਿਖੇ ਪੰਜਾਬ ਸਰਕਾਰ ਦੀ “ਨਸ਼ੇ ਛੱਡੋ ਕੋਹੜ ਵੱਢੋ” ਮੁਹਿੰਮ ਤਹਿਤ ਸੈਮੀਨਾਰ ਕਰਵਾਇਆ
ਖੰਨਾ, 11 ਅਗਸਤ ਪੰਜਾਬ ਸਰਕਾਰ ਦੀ ਨਸ਼ੇ ਛੱਡੋ ਕੋਹੜ ਵੱਢੋ ਮੁਹਿੰਮ ਤਹਿਤ ਨਸ਼ਿਆਂ ਵਿਰੁੱਧ ਜਾਗਰੂਕਤਾ ਸੈਮੀਨਾਰ ਕਰਵਾਇਆ ਗਿਆ। ਪੰਜਾਬ ਸਰਕਾਰ ਦੀ ਨਸ਼ੇ ਛੱਡੋ ਕੋਹੜ ਵੱਢੋ ਮੁਹਿੰਮ ਤਹਿਤ ਨਸ਼ਿਆਂ ਵਿਰੁੱਧ ਜਾਗਰੂਕਤਾ ਸੈਮੀਨਾਰ ਕਰਵਾਇਆ ਗਿਆ। ਪੰਜਾਬ ਸਰਕਾਰ ਦੀ ਨਸ਼ੇ ਛੱਡੋ ਕੋਹੜ ਵੱਢੋ ਮੁਹਿੰਮ ਤਹਿਤ ਨਸ਼ਿਆਂ ਵਿਰੁੱਧ ਜਾਗਰੂਕਤਾ ਸੈਮੀਨਾਰ ਕਰਵਾਇਆ ਗਿਆ।
DRUGS
ਪੰਜਾਬ ਸਰਕਾਰ ਦੀ ਨਸ਼ੇ ਛੱਡੋ ਕੋਹੜ ਵੱਢੋ ਮੁਹਿੰਮ ਤਹਿਤ ਨਸ਼ਿਆਂ ਵਿਰੁੱਧ ਜਾਗਰੂਕਤਾ ਸੈਮੀਨਾਰ ਕਰਵਾਇਆ ਗਿਆ। ਪੰਜਾਬ ਸਰਕਾਰ ਦੀ ਨਸ਼ੇ ਛੱਡੋ ਕੋਹੜ ਵੱਢੋ ਮੁਹਿੰਮ ਤਹਿਤ ਨਸ਼ਿਆਂ ਵਿਰੁੱਧ ਜਾਗਰੂਕਤਾ ਸੈਮੀਨਾਰ ਕਰਵਾਇਆ ਗਿਆ। ਪੰਜਾਬ ਸਰਕਾਰ ਦੀ ਨਸ਼ੇ ਛੱਡੋ ਕੋਹੜ ਵੱਢੋ ਮੁਹਿੰਮ ਤਹਿਤ ਨਸ਼ਿਆਂ ਵਿਰੁੱਧ ਜਾਗਰੂਕਤਾ ਸੈਮੀਨਾਰ ਕਰਵਾਇਆ ਗਿਆ। ਪੰਜਾਬ ਸਰਕਾਰ ਦੀ ਨਸ਼ੇ ਛੱਡੋ ਕੋਹੜ ਵੱਢੋ ਮੁਹਿੰਮ ਤਹਿਤ ਨਸ਼ਿਆਂ ਵਿਰੁੱਧ ਜਾਗਰੂਕਤਾ ਸੈਮੀਨਾਰ ਕਰਵਾਇਆ ਗਿਆ। ਪੰਜਾਬ ਸਰਕਾਰ ਦੀ ਨਸ਼ੇ ਛੱਡੋ ਕੋਹੜ ਵੱਢੋ ਮੁਹਿੰਮ ਤਹਿਤ ਨਸ਼ਿਆਂ ਵਿਰੁੱਧ ਜਾਗਰੂਕਤਾ ਸੈਮੀਨਾਰ ਕਰਵਾਇਆ ਗਿਆ।
